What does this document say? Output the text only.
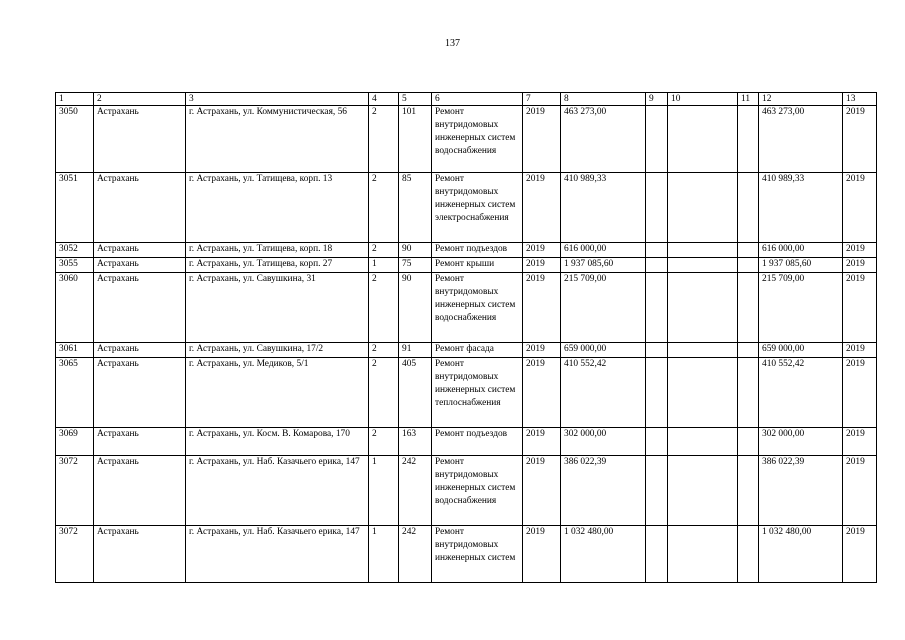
137
1	2	3	4	5	6	7	8	9	10	11	12	13
3050	Астрахань	г. Астрахань, ул. Коммунистическая, 56	2	101	Ремонт внутридомовых инженерных систем водоснабжения	2019	463 273,00				463 273,00	2019
3051	Астрахань	г. Астрахань, ул. Татищева, корп. 13	2	85	Ремонт внутридомовых инженерных систем электроснабжения	2019	410 989,33				410 989,33	2019
3052	Астрахань	г. Астрахань, ул. Татищева, корп. 18	2	90	Ремонт подъездов	2019	616 000,00				616 000,00	2019
3055	Астрахань	г. Астрахань, ул. Татищева, корп. 27	1	75	Ремонт крыши	2019	1 937 085,60				1 937 085,60	2019
3060	Астрахань	г. Астрахань, ул. Савушкина, 31	2	90	Ремонт внутридомовых инженерных систем водоснабжения	2019	215 709,00				215 709,00	2019
3061	Астрахань	г. Астрахань, ул. Савушкина, 17/2	2	91	Ремонт фасада	2019	659 000,00				659 000,00	2019
3065	Астрахань	г. Астрахань, ул. Медиков, 5/1	2	405	Ремонт внутридомовых инженерных систем теплоснабжения	2019	410 552,42				410 552,42	2019
3069	Астрахань	г. Астрахань, ул. Косм. В. Комарова, 170	2	163	Ремонт подъездов	2019	302 000,00				302 000,00	2019
3072	Астрахань	г. Астрахань, ул. Наб. Казачьего ерика, 147	1	242	Ремонт внутридомовых инженерных систем водоснабжения	2019	386 022,39				386 022,39	2019
3072	Астрахань	г. Астрахань, ул. Наб. Казачьего ерика, 147	1	242	Ремонт внутридомовых инженерных систем	2019	1 032 480,00				1 032 480,00	2019
